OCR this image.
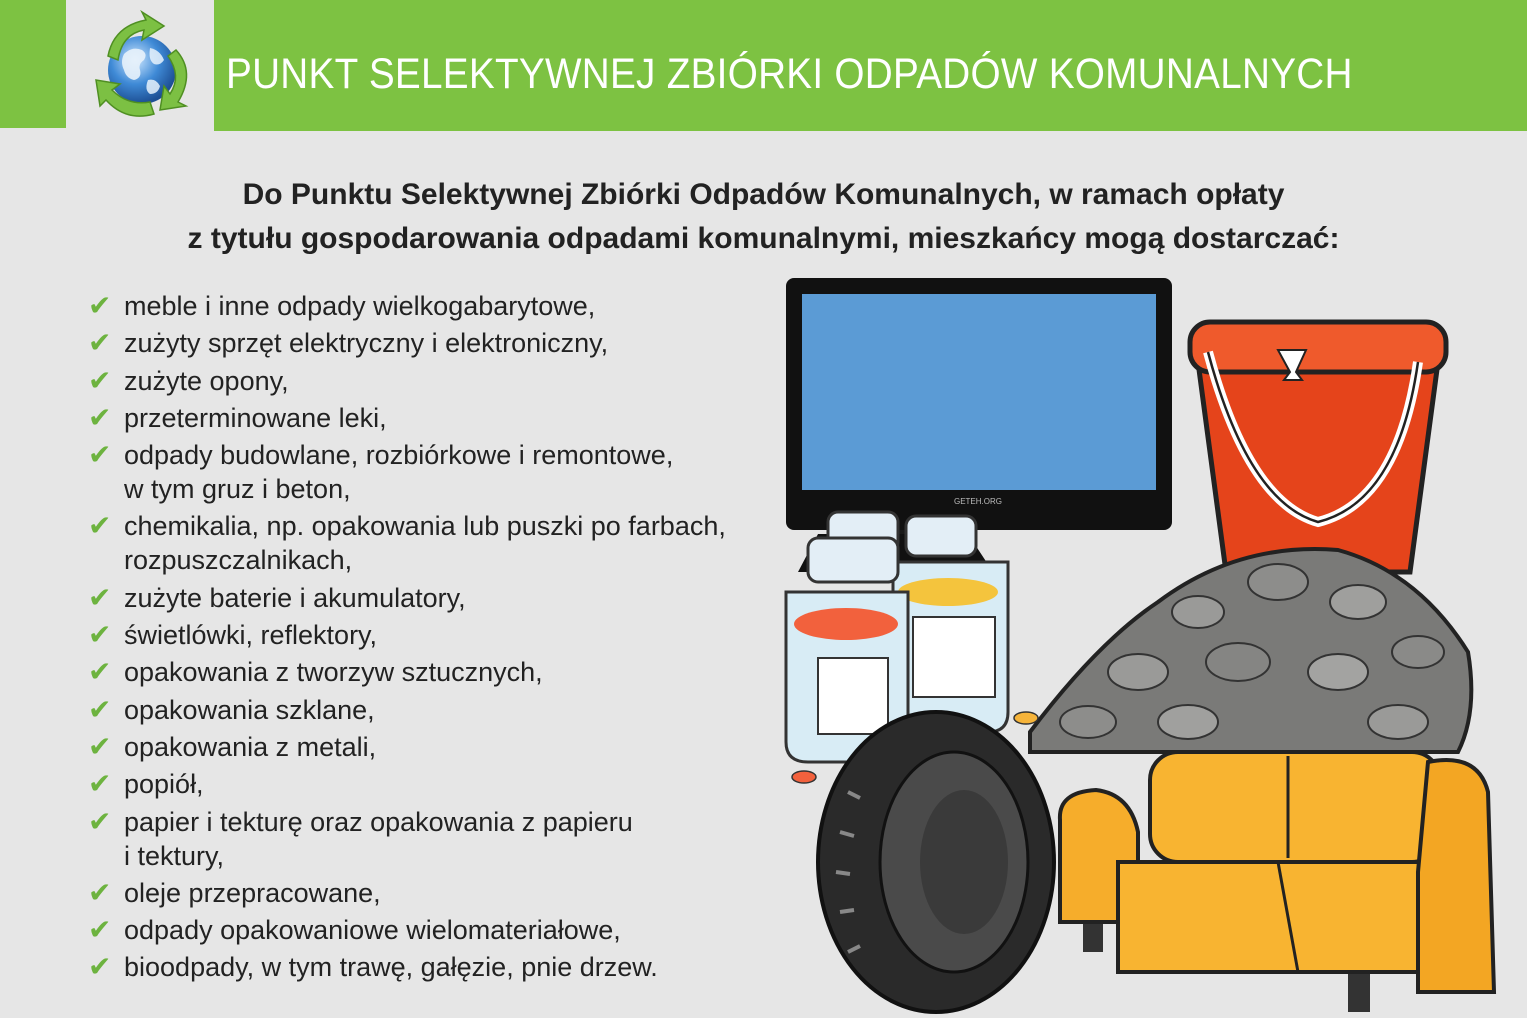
PUNKT SELEKTYWNEJ ZBIÓRKI ODPADÓW KOMUNALNYCH
Do Punktu Selektywnej Zbiórki Odpadów Komunalnych, w ramach opłaty
z tytułu gospodarowania odpadami komunalnymi, mieszkańcy mogą dostarczać:
✔ meble i inne odpady wielkogabarytowe,
✔ zużyty sprzęt elektryczny i elektroniczny,
✔ zużyte opony,
✔ przeterminowane leki,
✔ odpady budowlane, rozbiórkowe i remontowe,
w tym gruz i beton,
✔ chemikalia, np. opakowania lub puszki po farbach,
rozpuszczalnikach,
✔ zużyte baterie i akumulatory,
✔ świetlówki, reflektory,
✔ opakowania z tworzyw sztucznych,
✔ opakowania szklane,
✔ opakowania z metali,
✔ popiół,
✔ papier i tekturę oraz opakowania z papieru
i tektury,
✔ oleje przepracowane,
✔ odpady opakowaniowe wielomateriałowe,
✔ bioodpady, w tym trawę, gałęzie, pnie drzew.
GETEH.ORG
